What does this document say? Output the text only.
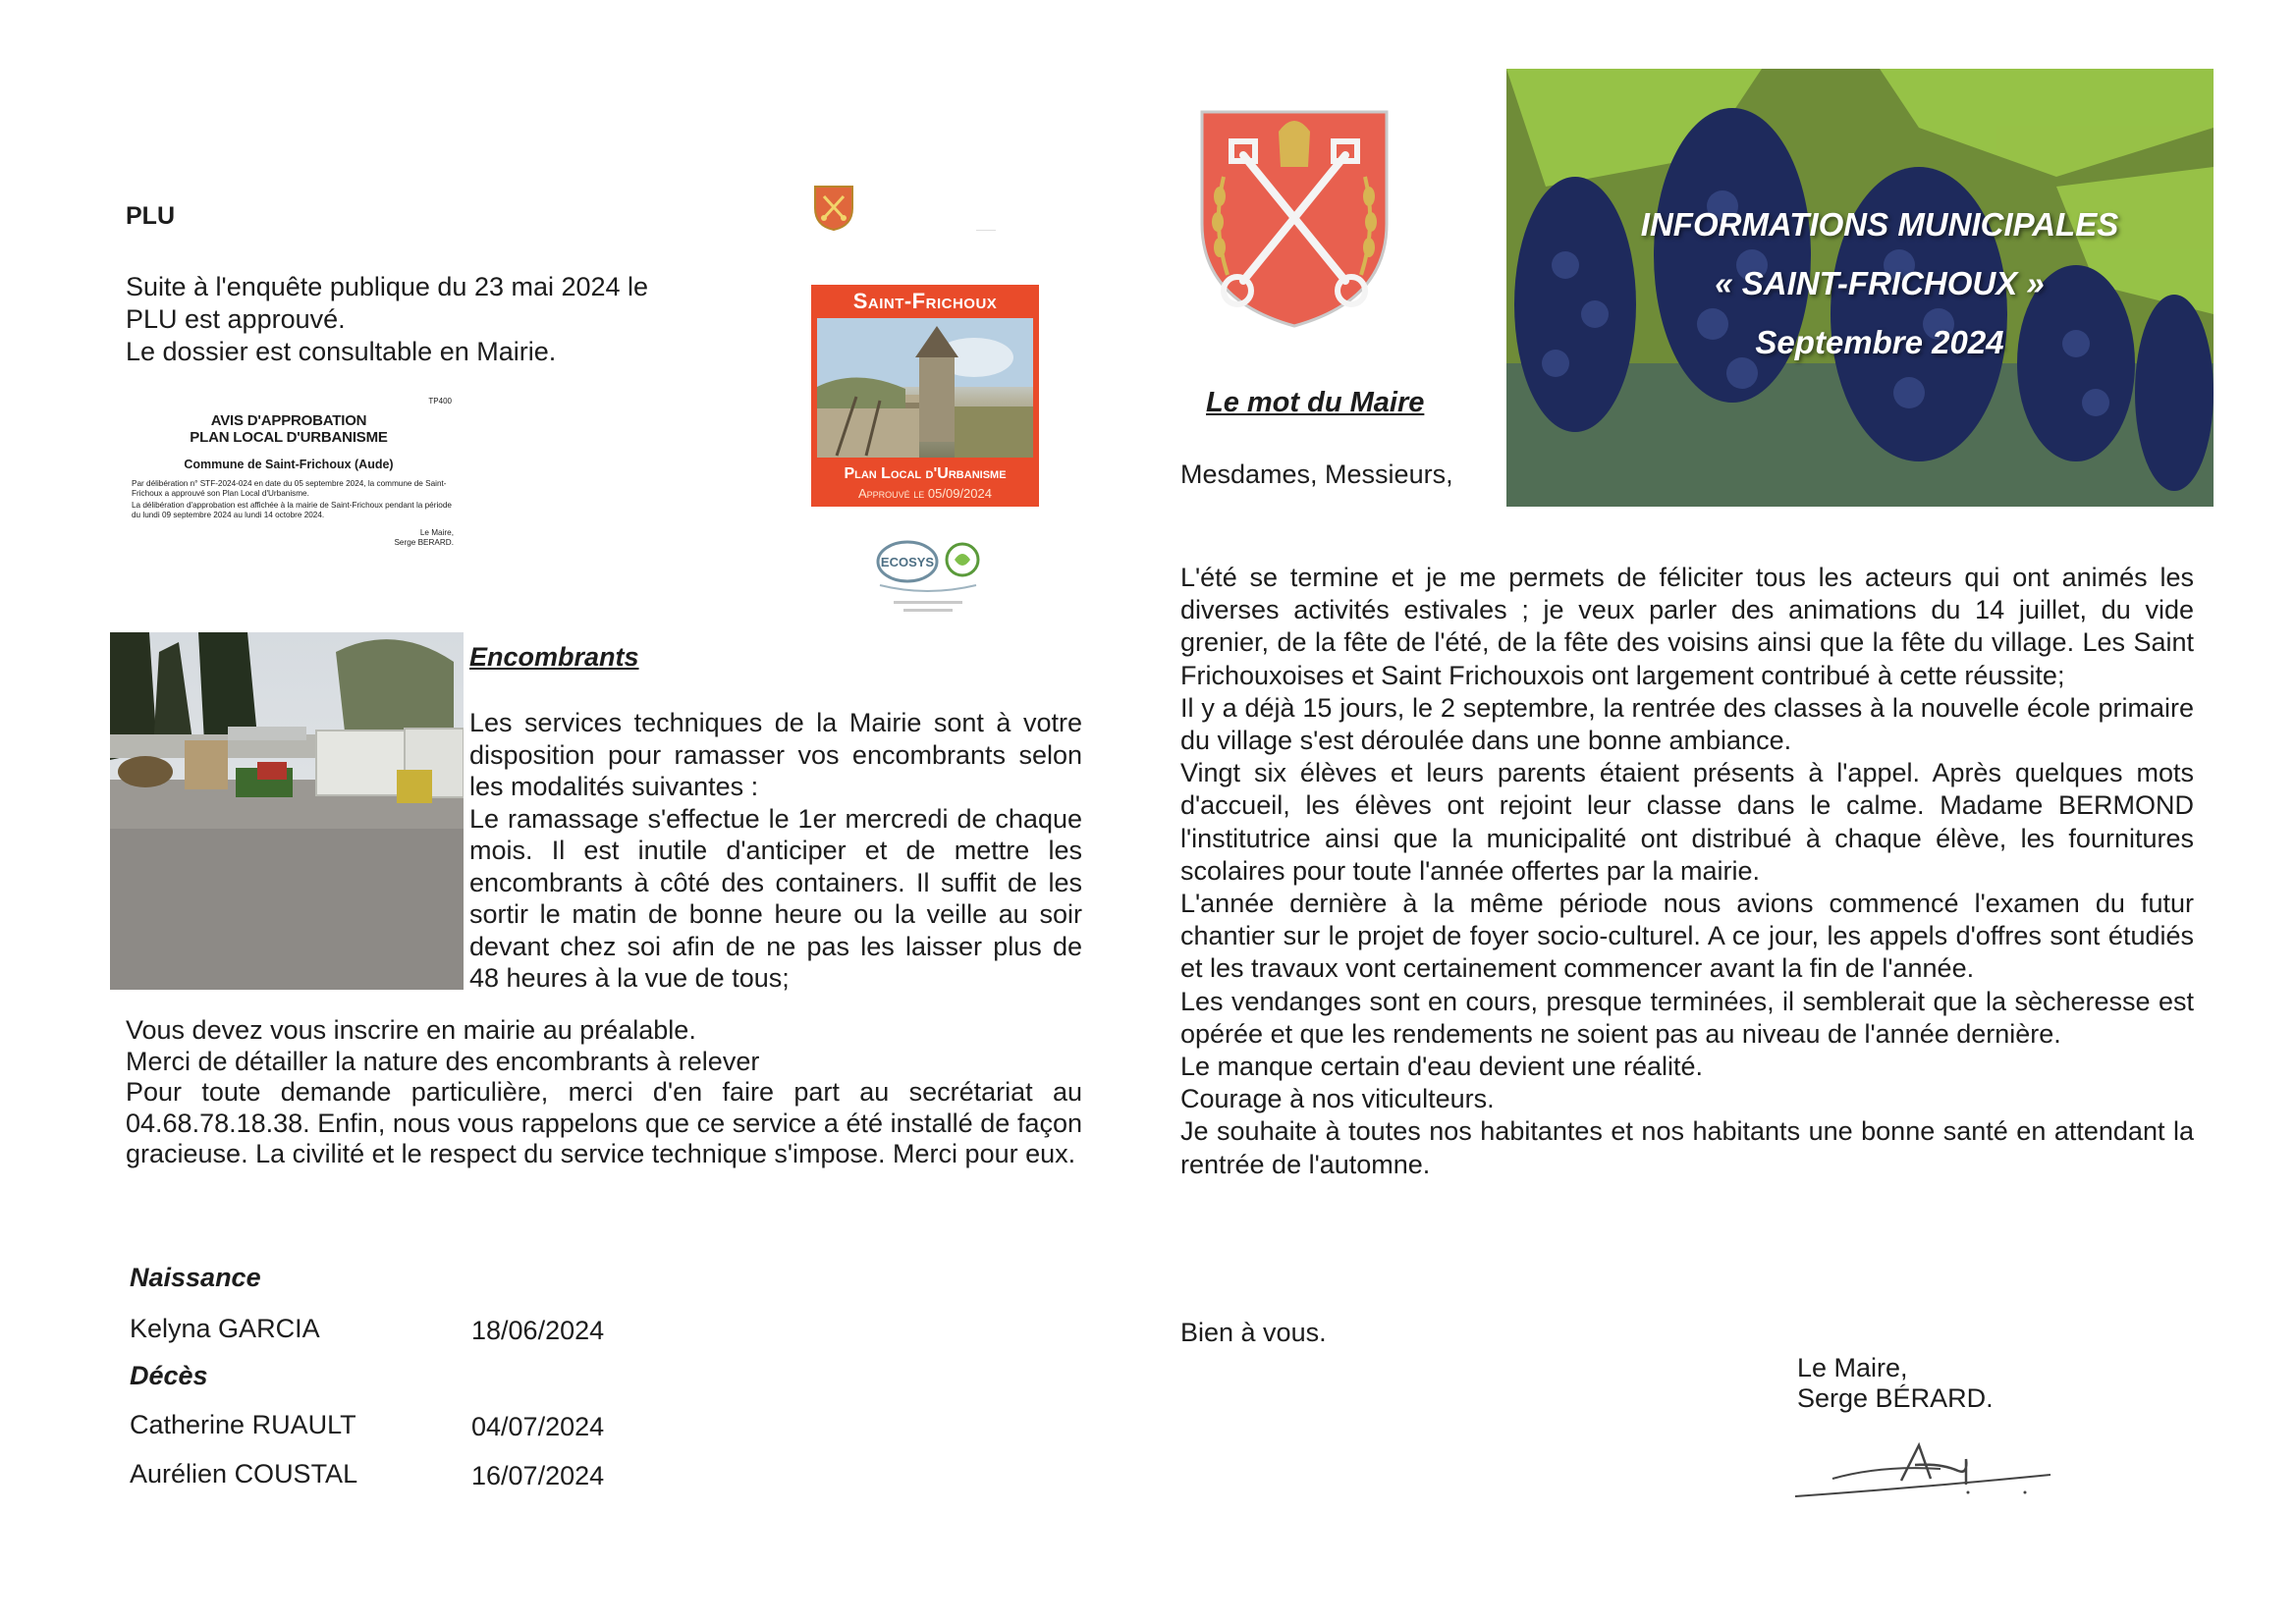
PLU
Suite à l'enquête publique du 23 mai 2024 le
PLU est approuvé.
Le dossier est consultable en Mairie.
TP400
AVIS D'APPROBATION
PLAN LOCAL D'URBANISME
Commune de Saint-Frichoux (Aude)
Par délibération n° STF-2024-024 en date du 05 septembre 2024, la commune de Saint-Frichoux a approuvé son Plan Local d'Urbanisme.
La délibération d'approbation est affichée à la mairie de Saint-Frichoux pendant la période du lundi 09 septembre 2024 au lundi 14 octobre 2024.
Le Maire,
Serge BERARD.
————
Saint-Frichoux
Plan Local d'Urbanisme
Approuvé le 05/09/2024
ECOSYS
Encombrants

Les services techniques de la Mairie sont à votre disposition pour ramasser vos encombrants selon les modalités suivantes :

Le ramassage s'effectue le 1er mercredi de chaque mois. Il est inutile d'anticiper et de mettre les encombrants à côté des containers. Il suffit de les sortir le matin de bonne heure ou la veille au soir devant chez soi afin de ne pas les laisser plus de 48 heures à la vue de tous;

Vous devez vous inscrire en mairie au préalable.

Merci de détailler la nature des encombrants à relever

Pour toute demande particulière, merci d'en faire part au secrétariat au 04.68.78.18.38. Enfin, nous vous rappelons que ce service a été installé de façon gracieuse. La civilité et le respect du service technique s'impose. Merci pour eux.

Naissance
Kelyna GARCIA	18/06/2024
Décès
Catherine RUAULT	04/07/2024
Aurélien COUSTAL	16/07/2024
INFORMATIONS MUNICIPALES
« SAINT-FRICHOUX »
Septembre 2024
Le mot du Maire
Mesdames, Messieurs,

L'été se termine et je me permets de féliciter tous les acteurs qui ont animés les diverses activités estivales ; je veux parler des animations du 14 juillet, du vide grenier, de la fête de l'été, de la fête des voisins ainsi que la fête du village. Les Saint Frichouxoises et Saint Frichouxois ont largement contribué à cette réussite;

Il y a déjà 15 jours, le 2 septembre, la rentrée des classes à la nouvelle école primaire du village s'est déroulée dans une bonne ambiance.

Vingt six élèves et leurs parents étaient présents à l'appel. Après quelques mots d'accueil, les élèves ont rejoint leur classe dans le calme. Madame BERMOND l'institutrice ainsi que la municipalité ont distribué à chaque élève, les fournitures scolaires pour toute l'année offertes par la mairie.

L'année dernière à la même période nous avions commencé l'examen du futur chantier sur le projet de foyer socio-culturel. A ce jour, les appels d'offres sont étudiés et les travaux vont certainement commencer avant la fin de l'année.

Les vendanges sont en cours, presque terminées, il semblerait que la sècheresse est opérée et que les rendements ne soient pas au niveau de l'année dernière.

Le manque certain d'eau devient une réalité.

Courage à nos viticulteurs.

Je souhaite à toutes nos habitantes et nos habitants une bonne santé en attendant la rentrée de l'automne.

Bien à vous.
Le Maire,
Serge BÉRARD.
